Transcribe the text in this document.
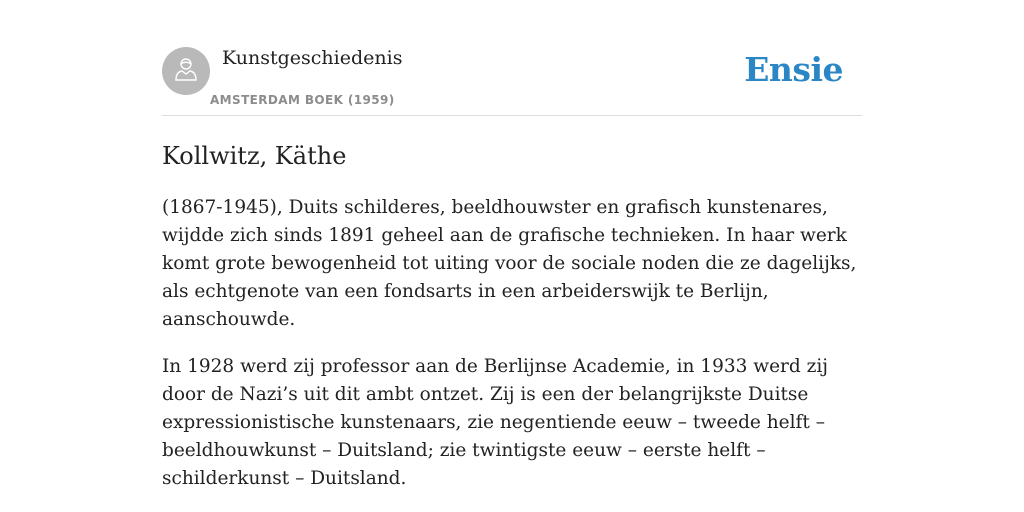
Kunstgeschiedenis
AMSTERDAM BOEK (1959)
Ensie
Kollwitz, Käthe

(1867-1945), Duits schilderes, beeldhouwster en grafisch kunstenares, wijdde zich sinds 1891 geheel aan de grafische technieken. In haar werk komt grote bewogenheid tot uiting voor de sociale noden die ze dagelijks, als echtgenote van een fondsarts in een arbeiderswijk te Berlijn, aanschouwde.

In 1928 werd zij professor aan de Berlijnse Academie, in 1933 werd zij door de Nazi’s uit dit ambt ontzet. Zij is een der belangrijkste Duitse expressionistische kunstenaars, zie negentiende eeuw – tweede helft – beeldhouwkunst – Duitsland; zie twintigste eeuw – eerste helft – schilderkunst – Duitsland.
